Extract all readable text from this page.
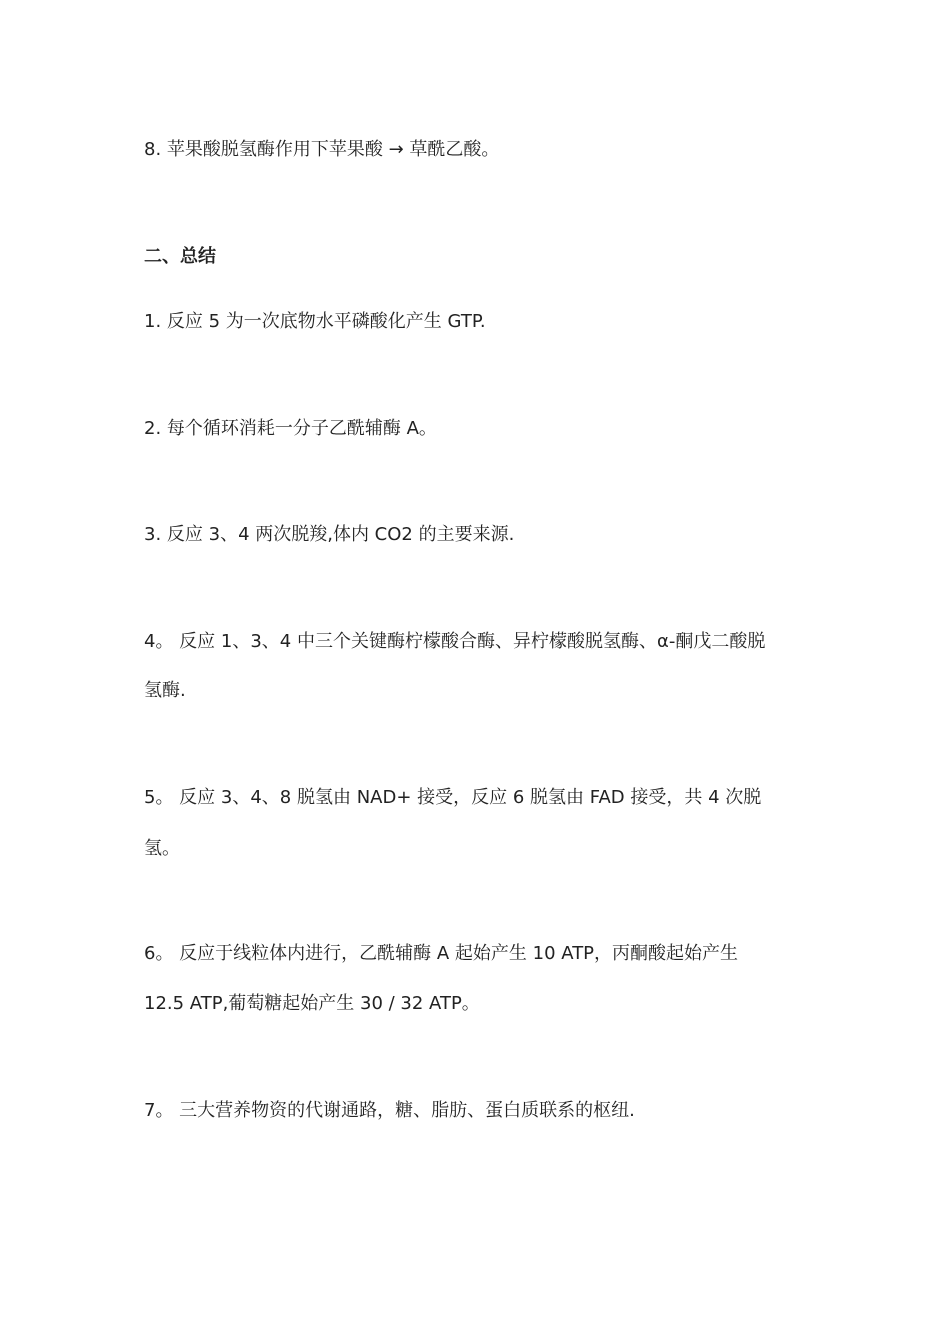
8. 苹果酸脱氢酶作用下苹果酸 → 草酰乙酸。

二、总结

1. 反应 5 为一次底物水平磷酸化产生 GTP.

2. 每个循环消耗一分子乙酰辅酶 A。

3. 反应 3、4 两次脱羧,体内 CO2 的主要来源.

4。 反应 1、3、4 中三个关键酶柠檬酸合酶、异柠檬酸脱氢酶、α-酮戊二酸脱

氢酶.

5。 反应 3、4、8 脱氢由 NAD+ 接受，反应 6 脱氢由 FAD 接受，共 4 次脱

氢。

6。 反应于线粒体内进行，乙酰辅酶 A 起始产生 10 ATP，丙酮酸起始产生

12.5 ATP,葡萄糖起始产生 30 / 32 ATP。

7。 三大营养物资的代谢通路，糖、脂肪、蛋白质联系的枢纽.
